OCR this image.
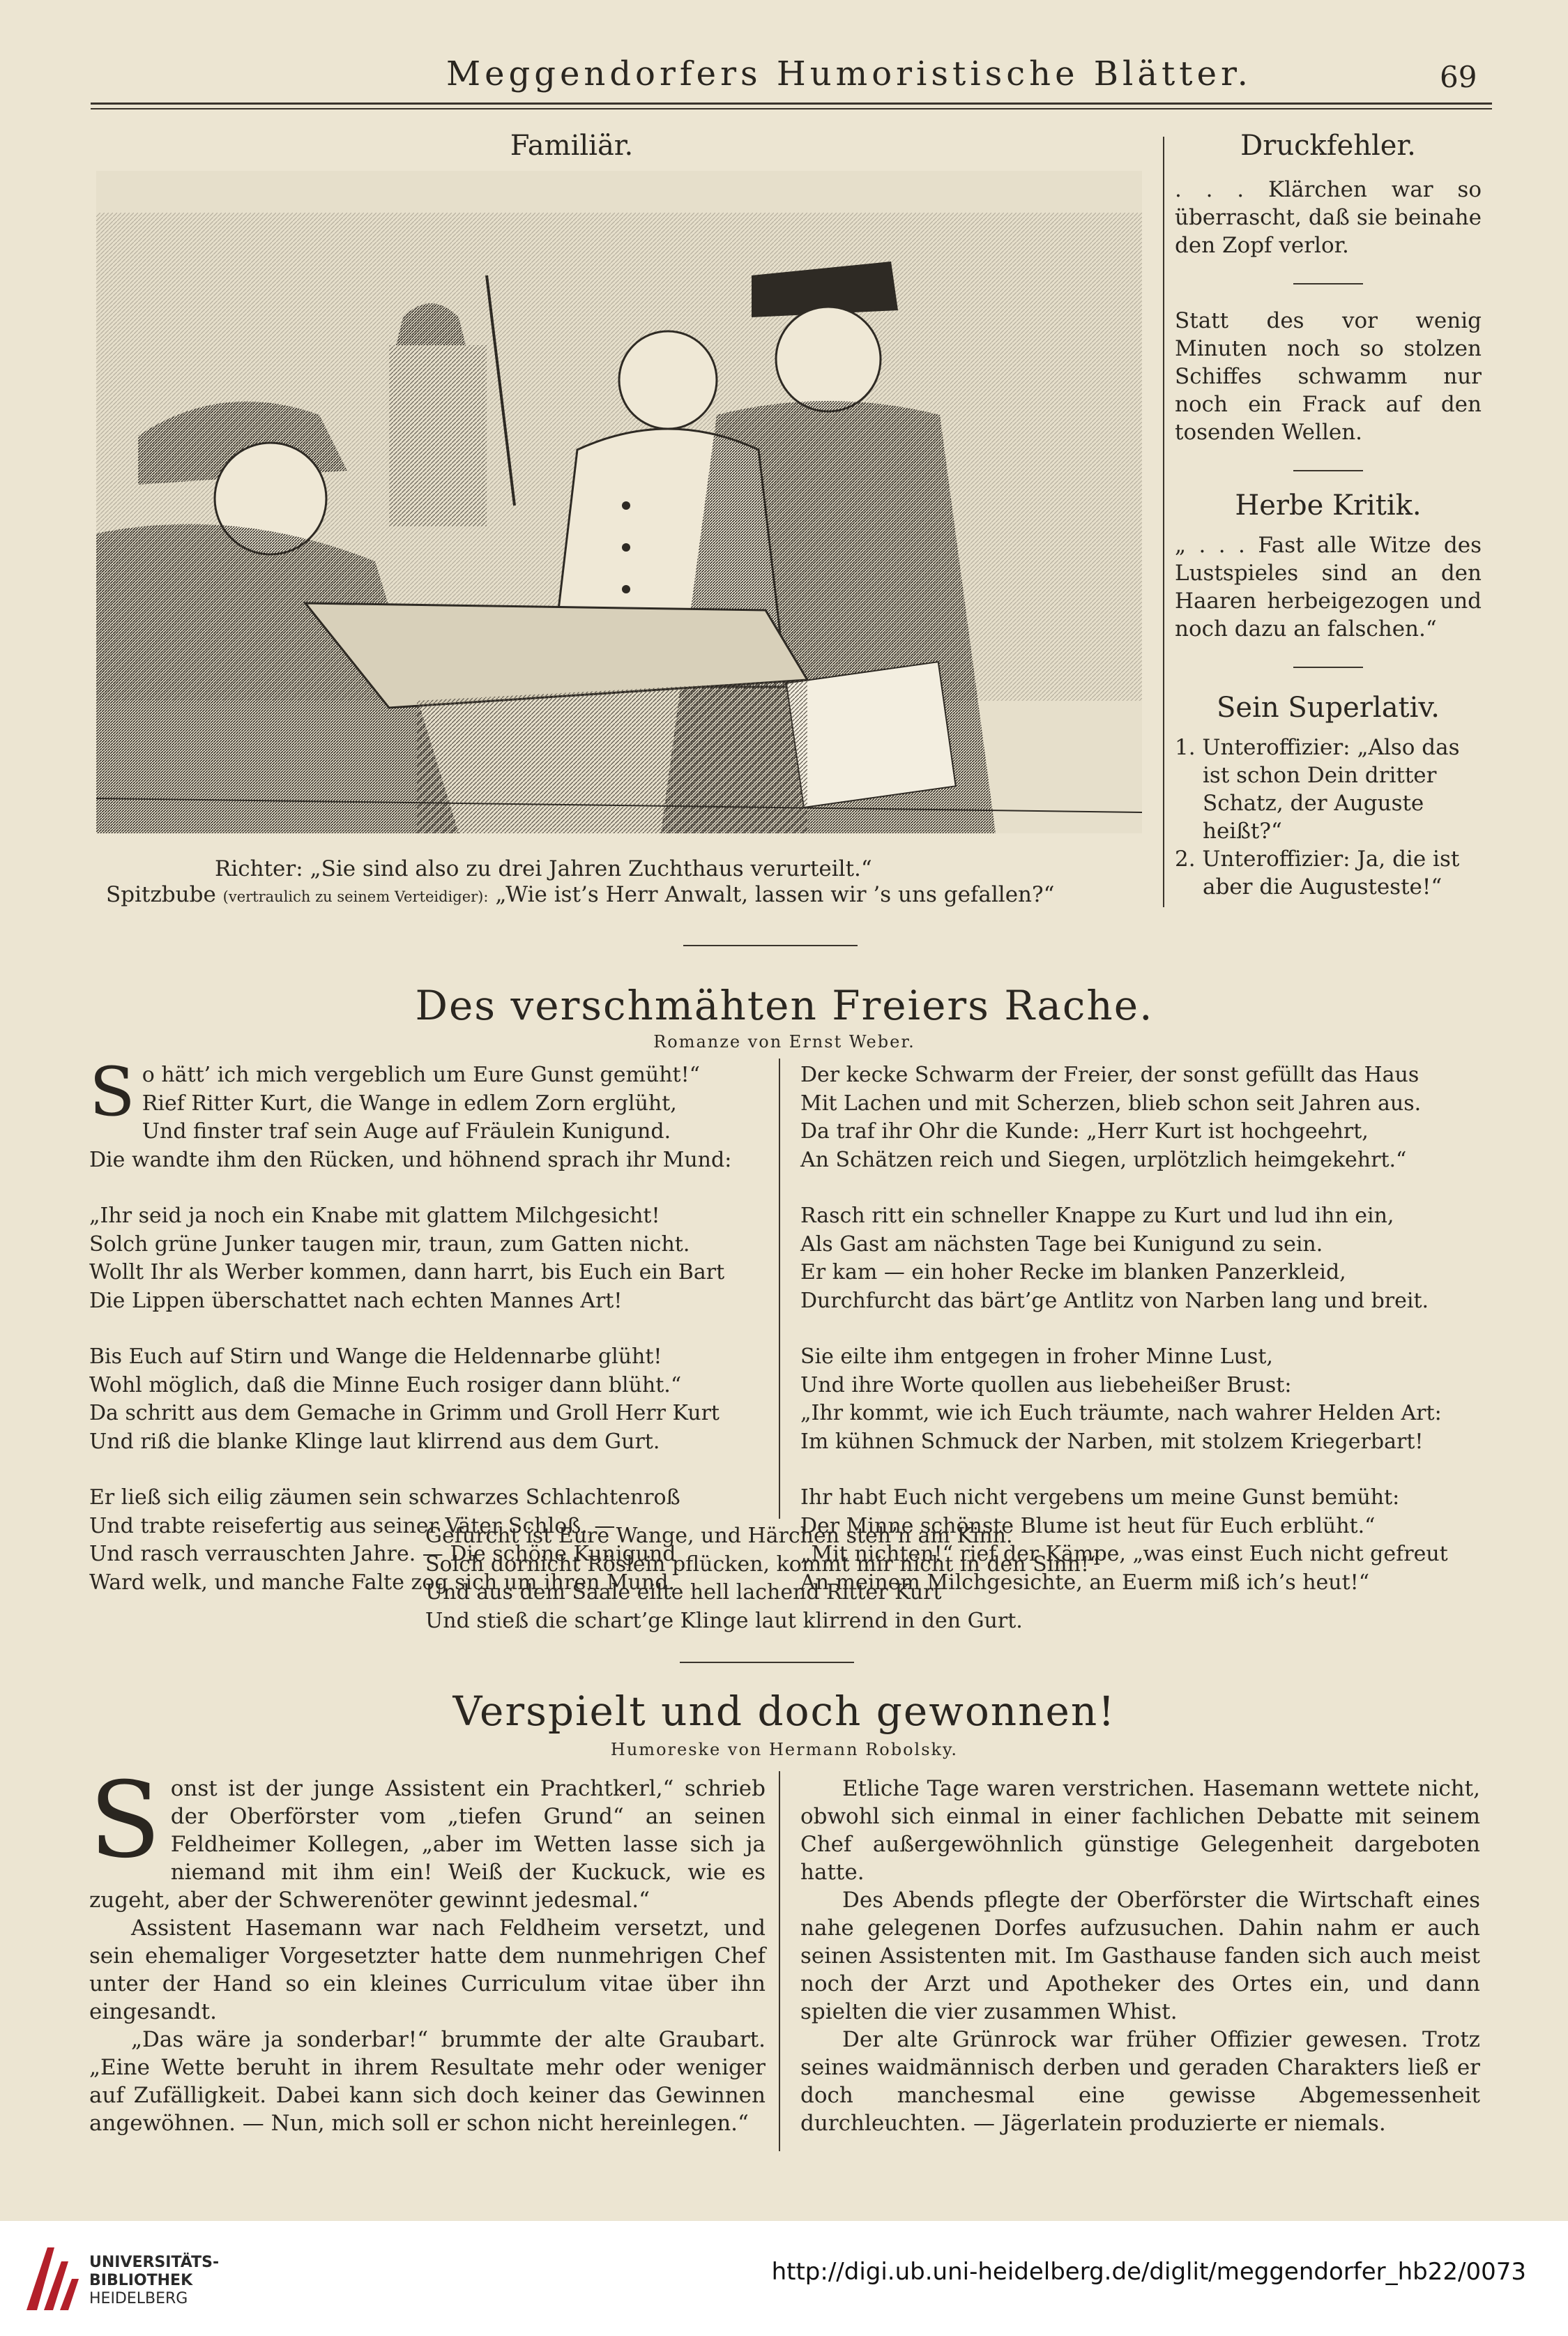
Meggendorfers Humoristische Blätter.	69
Familiär.
Richter: „Sie sind also zu drei Jahren Zuchthaus verurteilt.“
Spitzbube (vertraulich zu seinem Verteidiger): „Wie ist’s Herr Anwalt, lassen wir ’s uns gefallen?“
Druckfehler.

. . . Klärchen war so überrascht, daß sie beinahe den Zopf verlor.

Statt des vor wenig Minuten noch so stolzen Schiffes schwamm nur noch ein Frack auf den tosenden Wellen.

Herbe Kritik.

„ . . . Fast alle Witze des Lustspieles sind an den Haaren herbeigezogen und noch dazu an falschen.“

Sein Superlativ.

1. Unteroffizier: „Also das ist schon Dein dritter Schatz, der Auguste heißt?“

2. Unteroffizier: Ja, die ist aber die Augusteste!“

Des verschmähten Freiers Rache.
Romanze von Ernst Weber.
S o hätt’ ich mich vergeblich um Eure Gunst gemüht!“
Rief Ritter Kurt, die Wange in edlem Zorn erglüht,
Und finster traf sein Auge auf Fräulein Kunigund.
Die wandte ihm den Rücken, und höhnend sprach ihr Mund:
„Ihr seid ja noch ein Knabe mit glattem Milchgesicht!
Solch grüne Junker taugen mir, traun, zum Gatten nicht.
Wollt Ihr als Werber kommen, dann harrt, bis Euch ein Bart
Die Lippen überschattet nach echten Mannes Art!
Bis Euch auf Stirn und Wange die Heldennarbe glüht!
Wohl möglich, daß die Minne Euch rosiger dann blüht.“
Da schritt aus dem Gemache in Grimm und Groll Herr Kurt
Und riß die blanke Klinge laut klirrend aus dem Gurt.
Er ließ sich eilig zäumen sein schwarzes Schlachtenroß
Und trabte reisefertig aus seiner Väter Schloß. —
Und rasch verrauschten Jahre. — Die schöne Kunigund
Ward welk, und manche Falte zog sich um ihren Mund.
Der kecke Schwarm der Freier, der sonst gefüllt das Haus
Mit Lachen und mit Scherzen, blieb schon seit Jahren aus.
Da traf ihr Ohr die Kunde: „Herr Kurt ist hochgeehrt,
An Schätzen reich und Siegen, urplötzlich heimgekehrt.“
Rasch ritt ein schneller Knappe zu Kurt und lud ihn ein,
Als Gast am nächsten Tage bei Kunigund zu sein.
Er kam — ein hoher Recke im blanken Panzerkleid,
Durchfurcht das bärt’ge Antlitz von Narben lang und breit.
Sie eilte ihm entgegen in froher Minne Lust,
Und ihre Worte quollen aus liebeheißer Brust:
„Ihr kommt, wie ich Euch träumte, nach wahrer Helden Art:
Im kühnen Schmuck der Narben, mit stolzem Kriegerbart!
Ihr habt Euch nicht vergebens um meine Gunst bemüht:
Der Minne schönste Blume ist heut für Euch erblüht.“
„Mit nichten!“ rief der Kämpe, „was einst Euch nicht gefreut
An meinem Milchgesichte, an Euerm miß ich’s heut!“
Gefurcht ist Eure Wange, und Härchen steh’n am Kinn.
Solch dornicht Röslein pflücken, kommt mir nicht in den Sinn!“
Und aus dem Saale eilte hell lachend Ritter Kurt
Und stieß die schart’ge Klinge laut klirrend in den Gurt.
Verspielt und doch gewonnen!
Humoreske von Hermann Robolsky.

Sonst ist der junge Assistent ein Prachtkerl,“ schrieb der Oberförster vom „tiefen Grund“ an seinen Feldheimer Kollegen, „aber im Wetten lasse sich ja niemand mit ihm ein! Weiß der Kuckuck, wie es zugeht, aber der Schwerenöter gewinnt jedesmal.“

Assistent Hasemann war nach Feldheim versetzt, und sein ehemaliger Vorgesetzter hatte dem nunmehrigen Chef unter der Hand so ein kleines Curriculum vitae über ihn eingesandt.

„Das wäre ja sonderbar!“ brummte der alte Graubart. „Eine Wette beruht in ihrem Resultate mehr oder weniger auf Zufälligkeit. Dabei kann sich doch keiner das Gewinnen angewöhnen. — Nun, mich soll er schon nicht hereinlegen.“

Etliche Tage waren verstrichen. Hasemann wettete nicht, obwohl sich einmal in einer fachlichen Debatte mit seinem Chef außergewöhnlich günstige Gelegenheit dargeboten hatte.

Des Abends pflegte der Oberförster die Wirtschaft eines nahe gelegenen Dorfes aufzusuchen. Dahin nahm er auch seinen Assistenten mit. Im Gasthause fanden sich auch meist noch der Arzt und Apotheker des Ortes ein, und dann spielten die vier zusammen Whist.

Der alte Grünrock war früher Offizier gewesen. Trotz seines waidmännisch derben und geraden Charakters ließ er doch manchesmal eine gewisse Abgemessenheit durchleuchten. — Jägerlatein produzierte er niemals.

UNIVERSITÄTS-
BIBLIOTHEK
HEIDELBERG
http://digi.ub.uni-heidelberg.de/diglit/meggendorfer_hb22/0073
